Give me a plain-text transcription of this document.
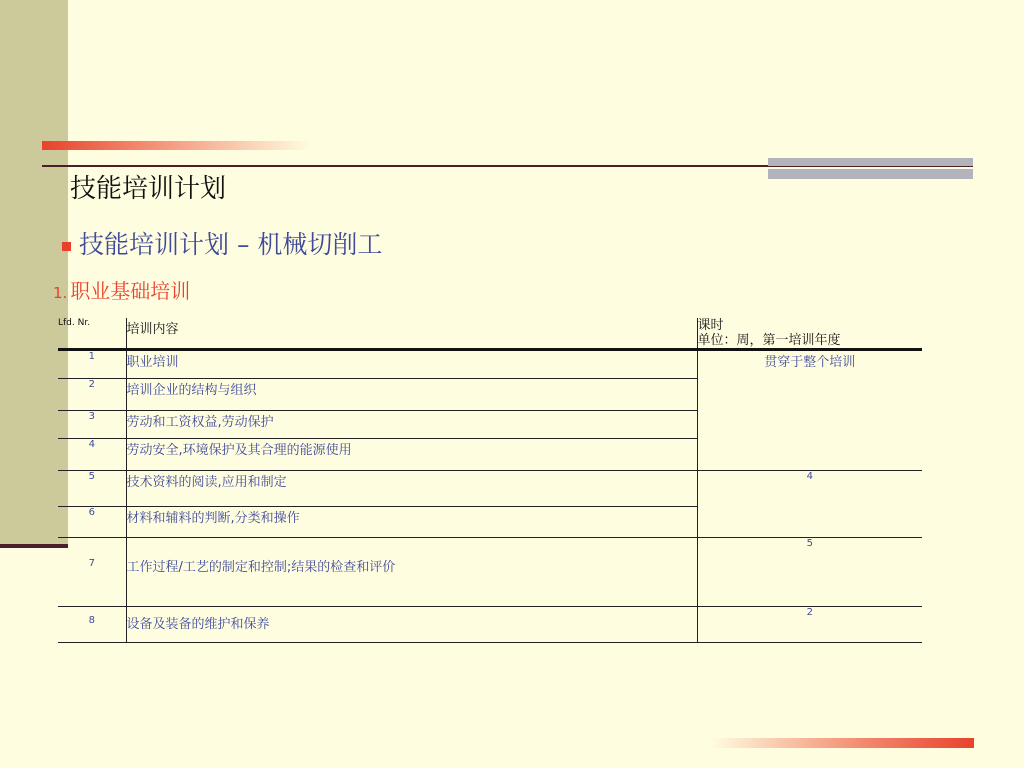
技能培训计划
技能培训计划 – 机械切削工
1. 职业基础培训
Lfd. Nr.	培训内容	课时
单位：周，第一培训年度

1	职业培训	贯穿于整个培训
2	培训企业的结构与组织	
3	劳动和工资权益,劳动保护	
4	劳动安全,环境保护及其合理的能源使用	
5	技术资料的阅读,应用和制定	4
6	材料和辅料的判断,分类和操作	
7	工作过程/工艺的制定和控制;结果的检查和评价	5
8	设备及装备的维护和保养	2
